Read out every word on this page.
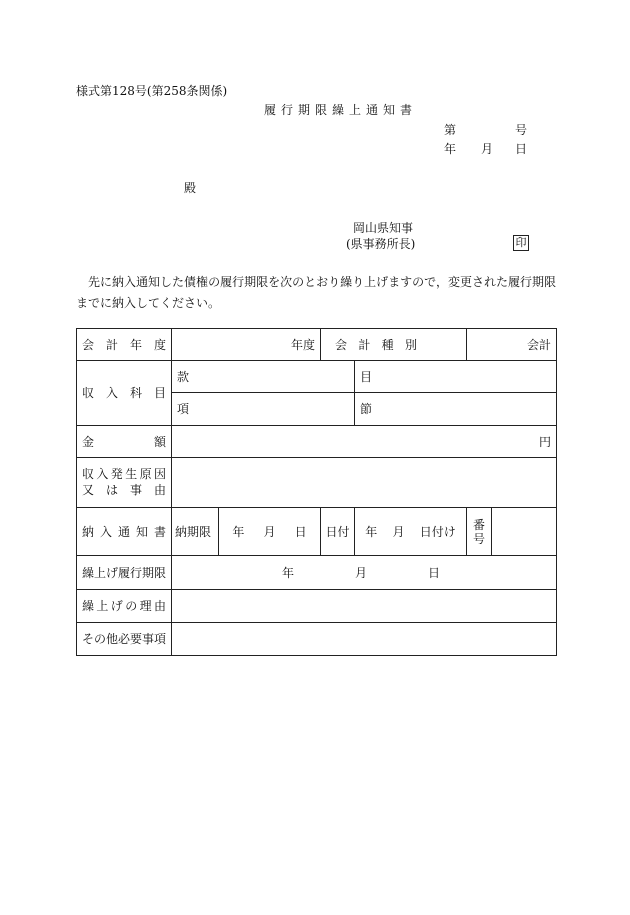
様式第128号(第258条関係)
履行期限繰上通知書
第	号
年 月 日
殿
岡山県知事
(県事務所長)	印
先に納入通知した債権の履行期限を次のとおり繰り上げますので，変更された履行期限までに納入してください。
会計年度	年度		会計種別		会計	
収入科目	款			目		
	項			節		
金額	円					

収入発生原因
又は事由						

納入通知書	納期限	年 月 日	日付	年 月 日付け	番号	

繰上げ履行期限	年 月 日					
繰上げの理由						
その他必要事項						
